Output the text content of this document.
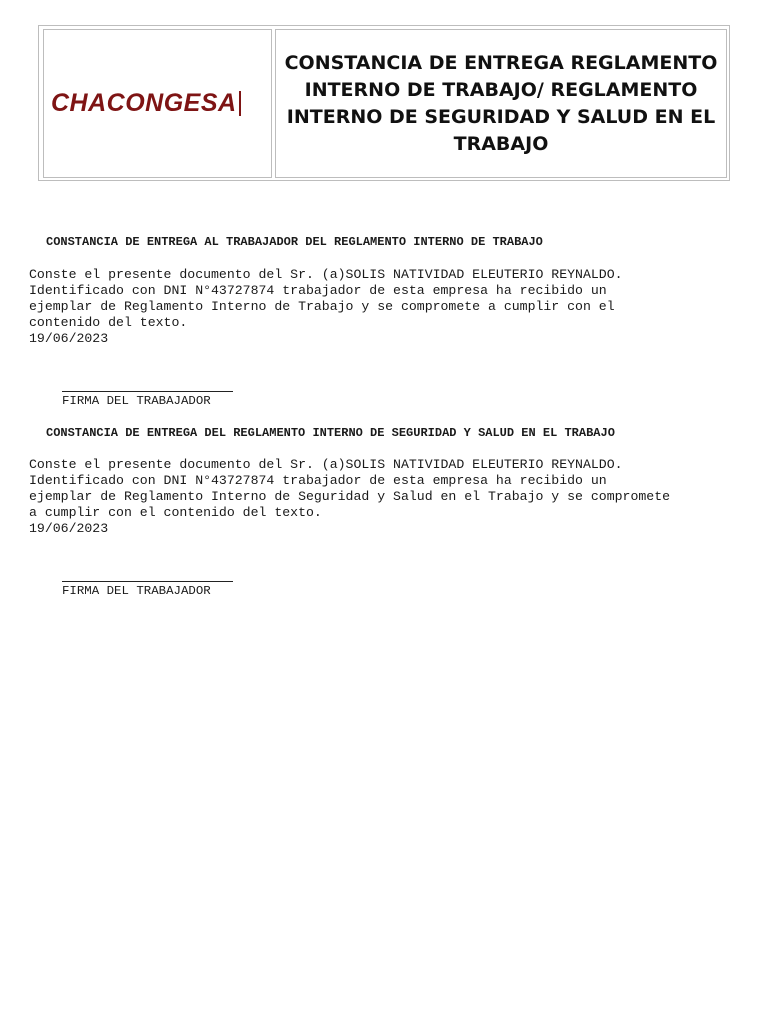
CHACONGESA
CONSTANCIA DE ENTREGA REGLAMENTO INTERNO DE TRABAJO/ REGLAMENTO INTERNO DE SEGURIDAD Y SALUD EN EL TRABAJO
CONSTANCIA DE ENTREGA AL TRABAJADOR DEL REGLAMENTO INTERNO DE TRABAJO
Conste el presente documento del Sr. (a)SOLIS NATIVIDAD ELEUTERIO REYNALDO.
Identificado con DNI N°43727874 trabajador de esta empresa ha recibido un
ejemplar de Reglamento Interno de Trabajo y se compromete a cumplir con el
contenido del texto.
19/06/2023
FIRMA DEL TRABAJADOR
CONSTANCIA DE ENTREGA DEL REGLAMENTO INTERNO DE SEGURIDAD Y SALUD EN EL TRABAJO
Conste el presente documento del Sr. (a)SOLIS NATIVIDAD ELEUTERIO REYNALDO.
Identificado con DNI N°43727874 trabajador de esta empresa ha recibido un
ejemplar de Reglamento Interno de Seguridad y Salud en el Trabajo y se compromete
a cumplir con el contenido del texto.
19/06/2023
FIRMA DEL TRABAJADOR
